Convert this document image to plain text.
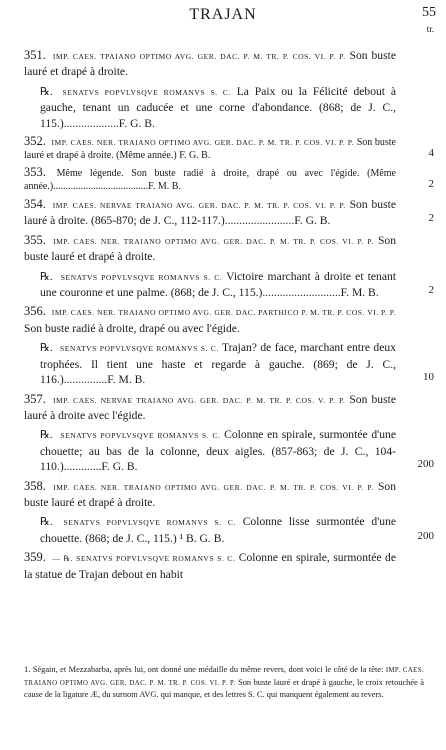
TRAJAN	55
tr.
351. IMP. CAES. TPAIANO OPTIMO AVG. GER. DAC. P. M. TR. P. COS. VI. P. P. Son buste lauré et drapé à droite.
℞. SENATVS POPVLVSQVE ROMANVS S. C. La Paix ou la Félicité debout à gauche, tenant un caducée et une corne d'abondance. (868; de J. C., 115.)...................F. G. B.
352. IMP. CAES. NER. TRAIANO OPTIMO AVG. GER. DAC. P. M. TR. P. COS. VI. P. P. Son buste lauré et drapé à droite. (Même année.) F. G. B.	4
353. Même légende. Son buste radié à droite, drapé ou avec l'égide. (Même année.)......................................F. M. B.	2
354. IMP. CAES. NERVAE TRAIANO AVG. GER. DAC. P. M. TR. P. COS. VI. P. P. Son buste lauré à droite. (865-870; de J. C., 112-117.)........................F. G. B.	2
355. IMP. CAES. NER. TRAIANO OPTIMO AVG. GER. DAC. P. M. TR. P. COS. VI. P. P. Son buste lauré et drapé à droite.
℞. SENATVS POPVLVSQVE ROMANVS S. C. Victoire marchant à droite et tenant une couronne et une palme. (868; de J. C., 115.)...........................F. M. B.	2
356. IMP. CAES. NER. TRAIANO OPTIMO AVG. GER. DAC. PARTHICO P. M. TR. P. COS. VI. P. P. Son buste radié à droite, drapé ou avec l'égide.
℞. SENATVS POPVLVSQVE ROMANVS S. C. Trajan? de face, marchant entre deux trophées. Il tient une haste et regarde à gauche. (869; de J. C., 116.)...............F. M. B.	10
357. IMP. CAES. NERVAE TRAIANO AVG. GER. DAC. P. M. TR. P. COS. V. P. P. Son buste lauré à droite avec l'égide.
℞. SENATVS POPVLVSQVE ROMANVS S. C. Colonne en spirale, surmontée d'une chouette; au bas de la colonne, deux aigles. (857-863; de J. C., 104-110.).............F. G. B.	200
358. IMP. CAES. NER. TRAIANO OPTIMO AVG. GER. DAC. P. M. TR. P. COS. VI. P. P. Son buste lauré et drapé à droite.
℞. SENATVS POPVLVSQVE ROMANVS S. C. Colonne lisse surmontée d'une chouette. (868; de J. C., 115.) ¹ B. G. B.	200
359. — ℞. SENATVS POPVLVSQVE ROMANVS S. C. Colonne en spirale, surmontée de la statue de Trajan debout en habit
1. Ségain, et Mezzabarba, après lui, ont donné une médaille du même revers, dont voici le côté de la tête: IMP. CAES. TRAIANO OPTIMO AVG. GER. DAC. P. M. TR. P. COS. VI. P. P. Son buste lauré et drapé à gauche, le croix retouchée à cause de la ligature Æ, du surnom AVG. qui manque, et des lettres S. C. qui manquent également au revers.
